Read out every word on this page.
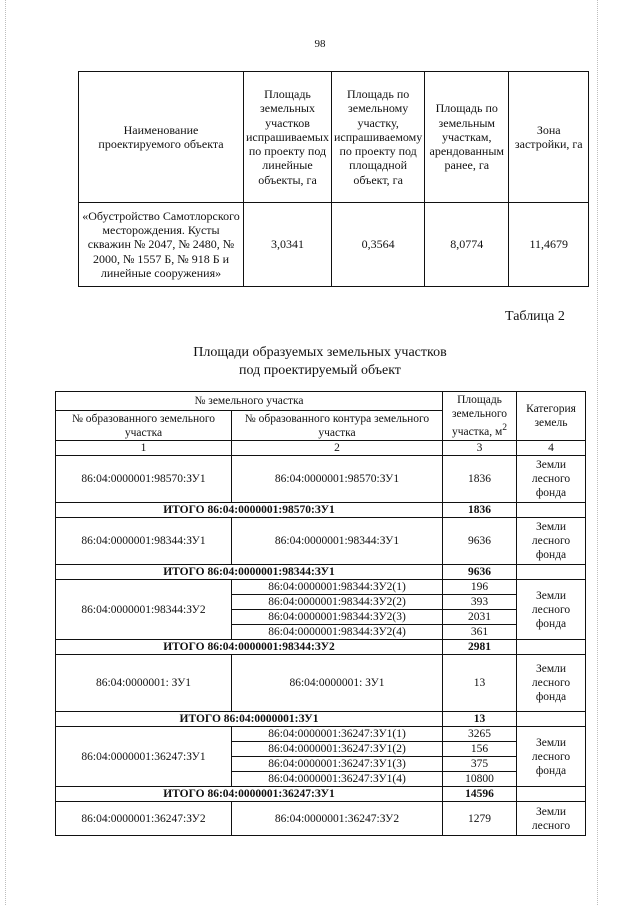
98
Наименование проектируемого объекта	Площадь земельных участков испрашиваемых по проекту под линейные объекты, га	Площадь по земельному участку, испрашиваемому по проекту под площадной объект, га	Площадь по земельным участкам, арендованным ранее, га	Зона застройки, га
«Обустройство Самотлорского месторождения. Кусты скважин № 2047, № 2480, № 2000, № 1557 Б, № 918 Б и линейные сооружения»	3,0341	0,3564	8,0774	11,4679
Таблица 2
Площади образуемых земельных участков
под проектируемый объект
№ земельного участка		Площадь земельного участка, $м^2$	Категория земель
№ образованного земельного участка	№ образованного контура земельного участка		
1	2	3	4
86:04:0000001:98570:ЗУ1	86:04:0000001:98570:ЗУ1	1836	Земли лесного фонда
ИТОГО 86:04:0000001:98570:ЗУ1		1836	
86:04:0000001:98344:ЗУ1	86:04:0000001:98344:ЗУ1	9636	Земли лесного фонда
ИТОГО 86:04:0000001:98344:ЗУ1		9636	
86:04:0000001:98344:ЗУ2	86:04:0000001:98344:ЗУ2(1)	196	Земли лесного фонда
	86:04:0000001:98344:ЗУ2(2)	393	
	86:04:0000001:98344:ЗУ2(3)	2031	
	86:04:0000001:98344:ЗУ2(4)	361	
ИТОГО 86:04:0000001:98344:ЗУ2		2981	
86:04:0000001: ЗУ1	86:04:0000001: ЗУ1	13	Земли лесного фонда
ИТОГО 86:04:0000001:ЗУ1		13	
86:04:0000001:36247:ЗУ1	86:04:0000001:36247:ЗУ1(1)	3265	Земли лесного фонда
	86:04:0000001:36247:ЗУ1(2)	156	
	86:04:0000001:36247:ЗУ1(3)	375	
	86:04:0000001:36247:ЗУ1(4)	10800	
ИТОГО 86:04:0000001:36247:ЗУ1		14596	
86:04:0000001:36247:ЗУ2	86:04:0000001:36247:ЗУ2	1279	Земли лесного
